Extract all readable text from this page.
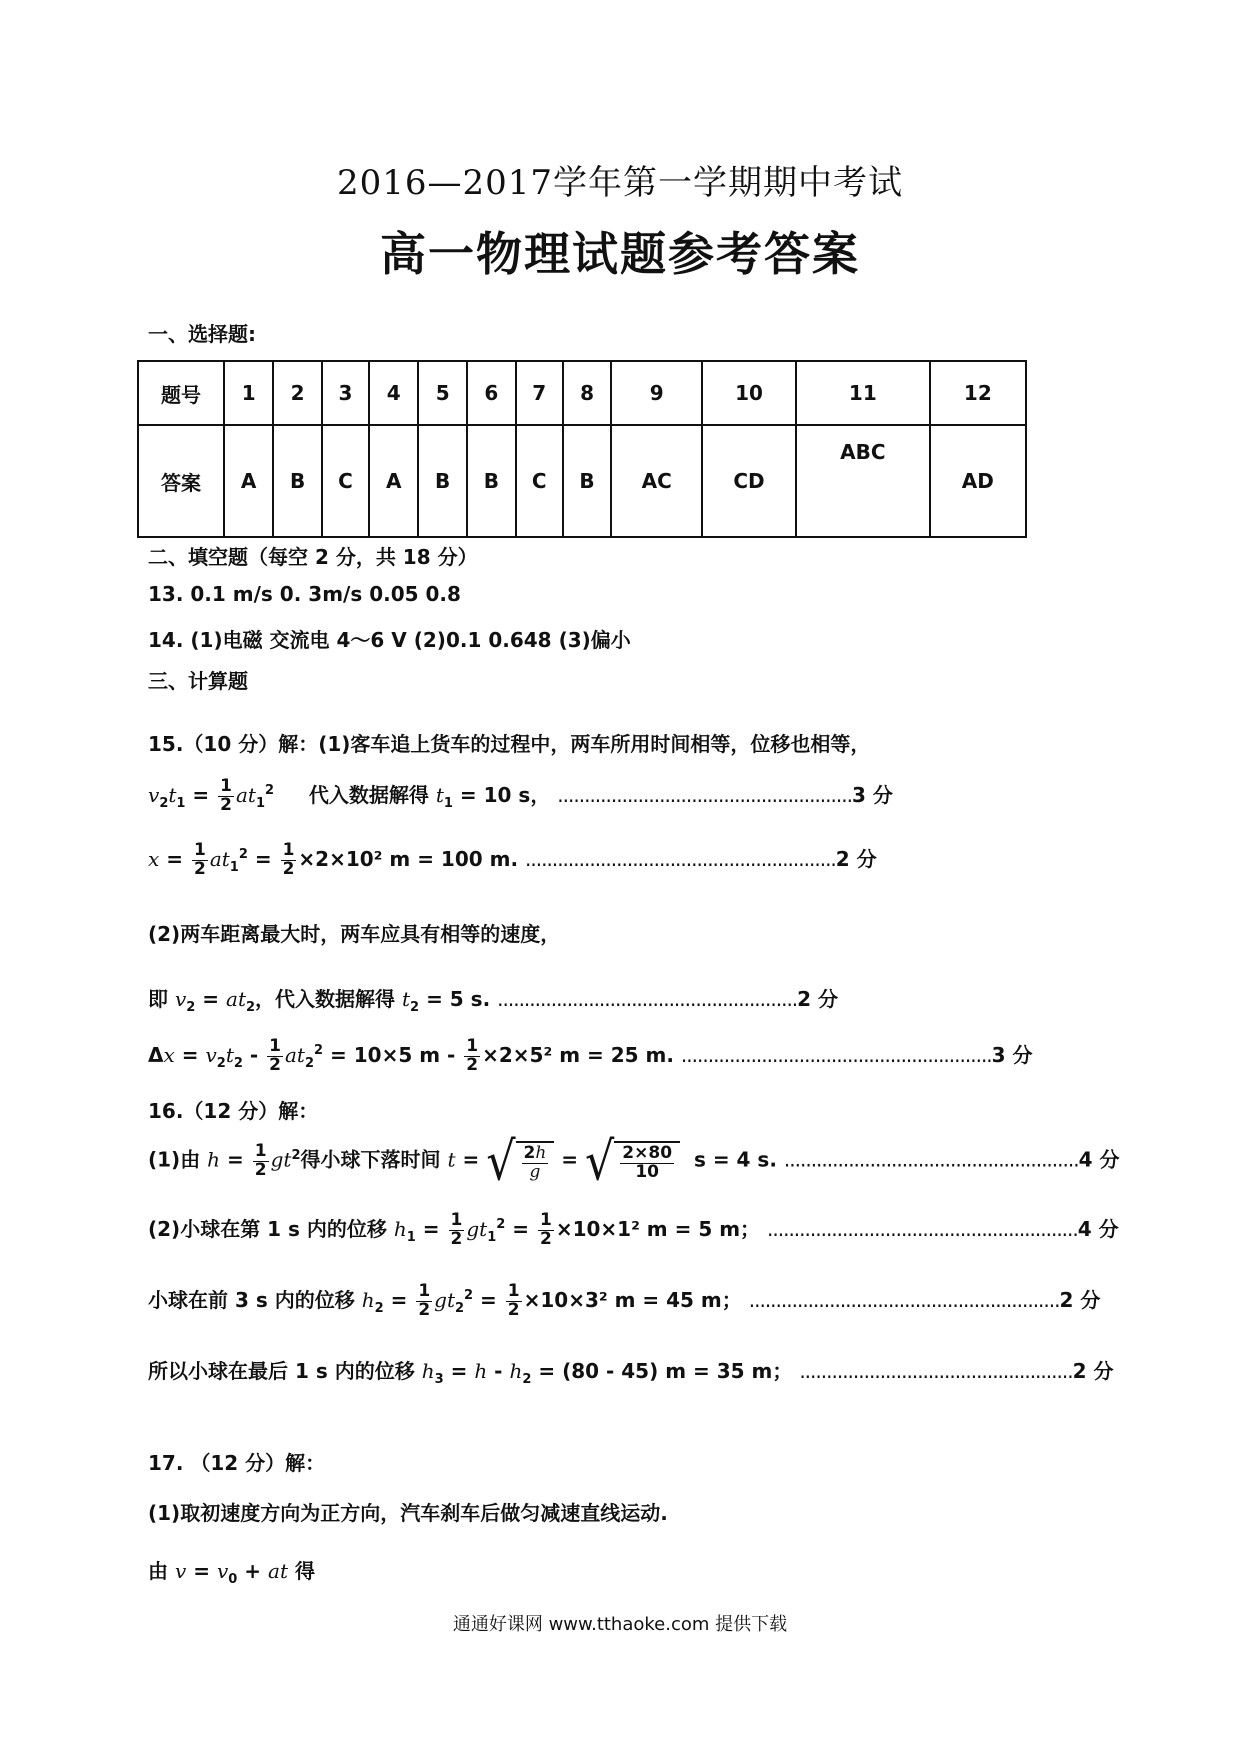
2016—2017学年第一学期期中考试
高一物理试题参考答案
一、选择题:
题号	1	2	3	4	5	6	7	8	9	10	11	12
答案	A	B	C	A	B	B	C	B	AC	CD	ABC	AD
二、填空题（每空 2 分，共 18 分）
13. 0.1 m/s 0. 3m/s 0.05 0.8
14. (1)电磁 交流电 4～6 V (2)0.1 0.648 (3)偏小
三、计算题
15.（10 分）解：(1)客车追上货车的过程中，两车所用时间相等，位移也相等，
$v_2t_1 = \frac{1}{2} at_1^2$ 代入数据解得 $t_1 = 10$ s， .......................................................3 分
$x = \frac{1}{2} at_1^2 = \frac{1}{2} \times 2\times 10^2$ m = 100 m. ..........................................................2 分
(2)两车距离最大时，两车应具有相等的速度，
即 $v_2 = at_2$，代入数据解得 $t_2 = 5$ s. ........................................................2 分
$\Delta x = v_2t_2 - \frac{1}{2} at_2^2 = 10\times 5$ $m - \frac{1}{2} \times 2\times 5^2$ m = 25 m. ..........................................................3 分
16.（12 分）解：
(1)由 $h = \frac{1}{2} gt^2$得小球下落时间 t = √ $\frac{2h}{g}$ = √ $\frac{2\times 80}{10}$ s = 4 s. .......................................................4 分
(2)小球在第 1 s 内的位移 $h_1 = \frac{1}{2} gt_1^2 = \frac{1}{2} \times 10\times 1^2$ m = 5 m； ..........................................................4 分
小球在前 3 s 内的位移 $h_2 = \frac{1}{2} gt_2^2 = \frac{1}{2} \times 10\times 3^2$ m = 45 m； ..........................................................2 分
所以小球在最后 1 s 内的位移 $h_3 = h - h_2 = (80 - 45) m = 35$ m； ...................................................2 分
17. （12 分）解：
(1)取初速度方向为正方向，汽车刹车后做匀减速直线运动.
由 $v = v_0$ + at 得
通通好课网 www.tthaoke.com 提供下载
